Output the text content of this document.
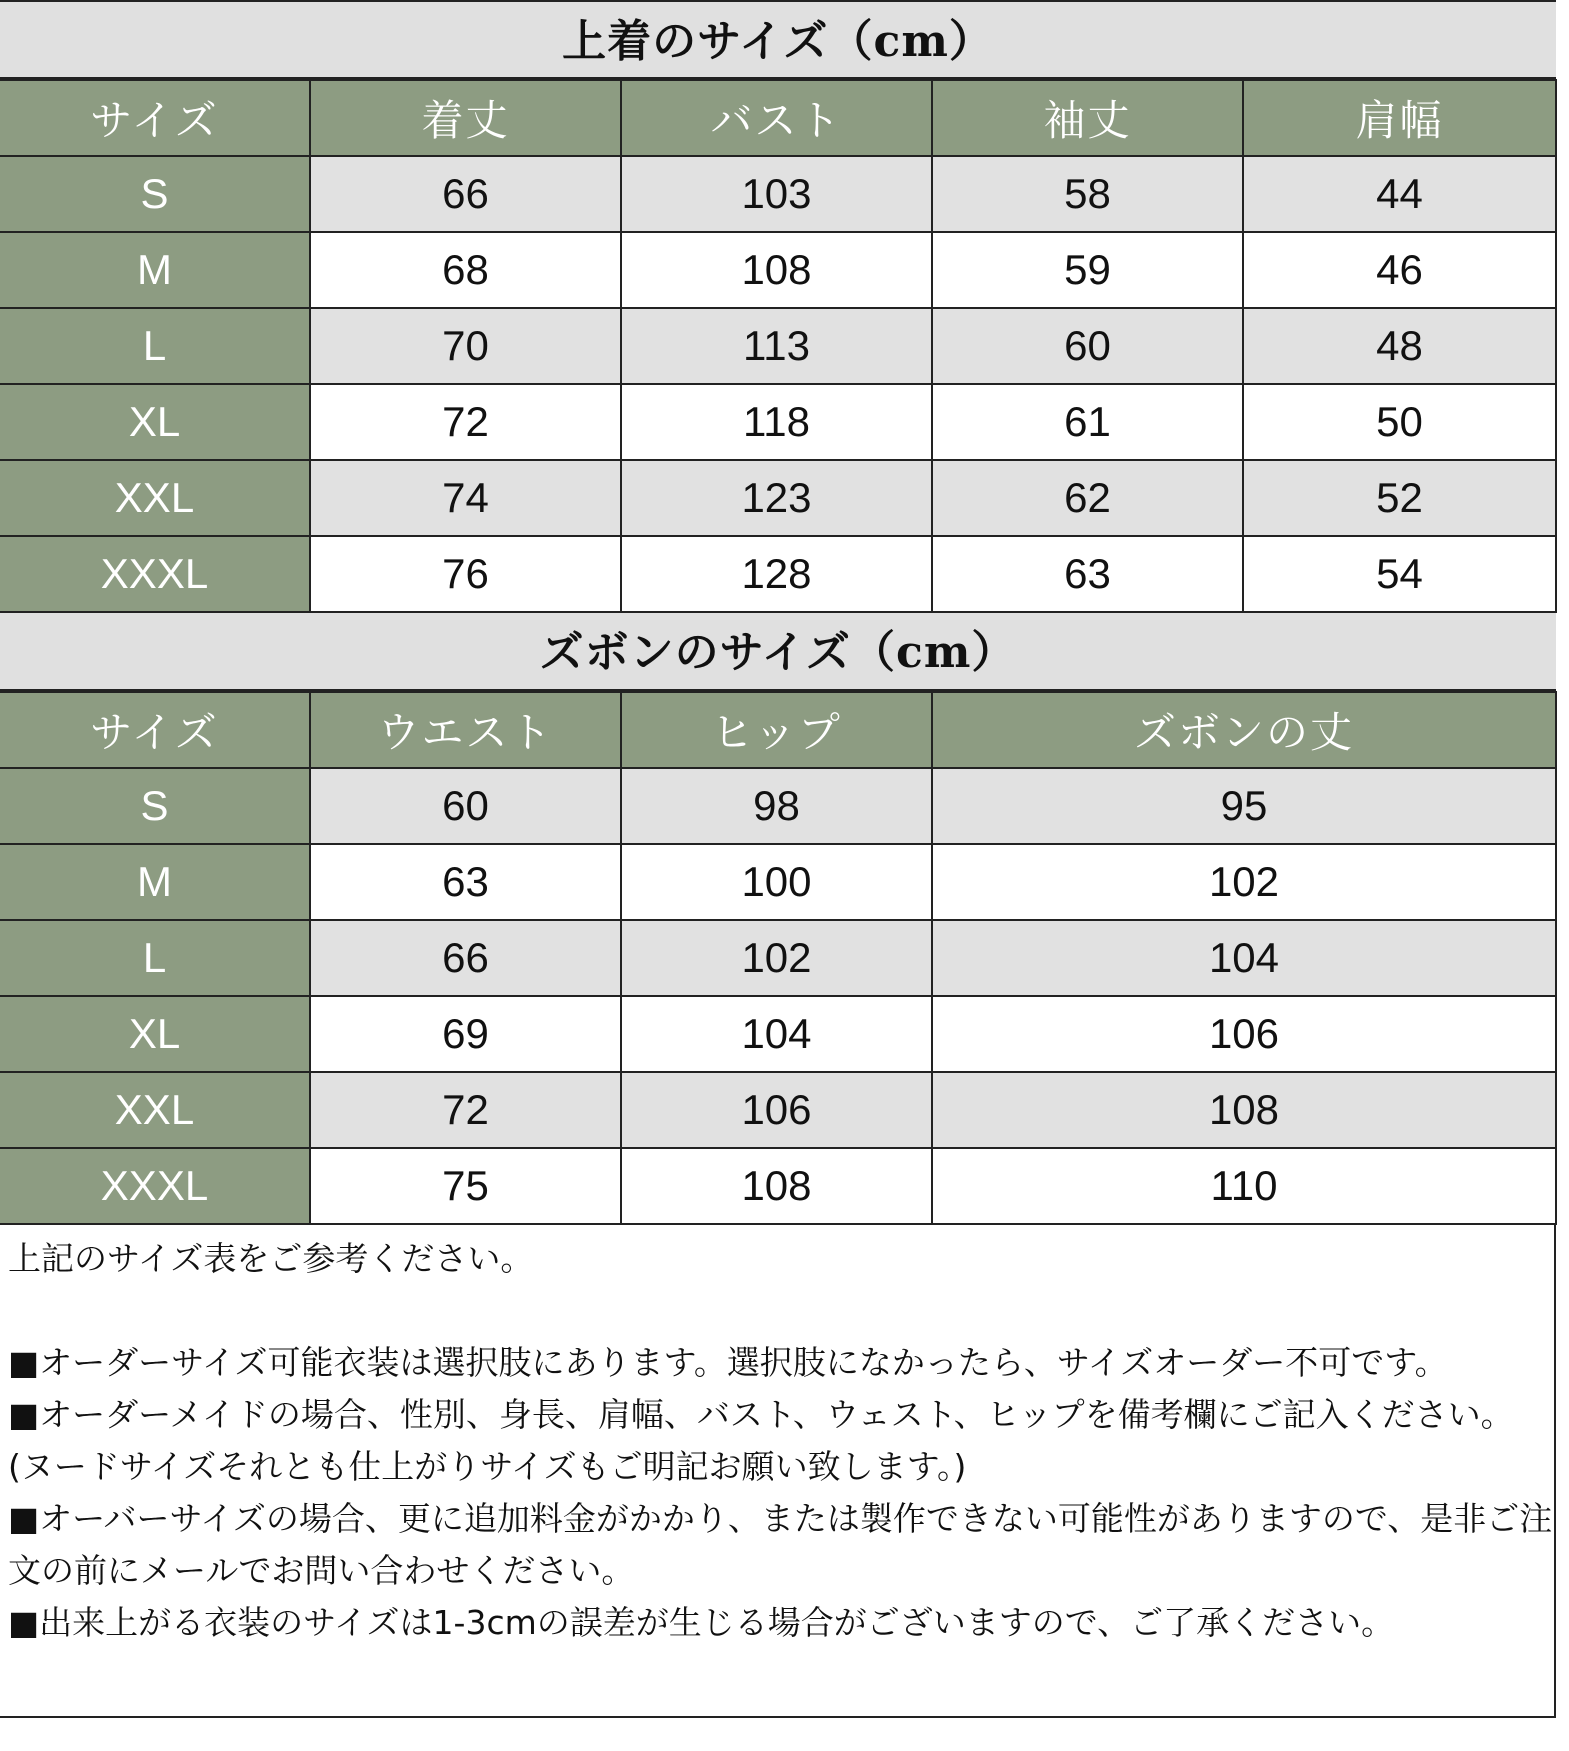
上着のサイズ（cm）
サイズ	着丈	バスト	袖丈	肩幅
S	66	103	58	44
M	68	108	59	46
L	70	113	60	48
XL	72	118	61	50
XXL	74	123	62	52
XXXL	76	128	63	54
ズボンのサイズ（cm）
サイズ	ウエスト	ヒップ	ズボンの丈
S	60	98	95
M	63	100	102
L	66	102	104
XL	69	104	106
XXL	72	106	108
XXXL	75	108	110

上記のサイズ表をご参考ください。

■オーダーサイズ可能衣装は選択肢にあります。選択肢になかったら、サイズオーダー不可です。

■オーダーメイドの場合、性別、身長、肩幅、バスト、ウェスト、ヒップを備考欄にご記入ください。(ヌードサイズそれとも仕上がりサイズもご明記お願い致します。)

■オーバーサイズの場合、更に追加料金がかかり、または製作できない可能性がありますので、是非ご注文の前にメールでお問い合わせください。

■出来上がる衣装のサイズは1-3cmの誤差が生じる場合がございますので、ご了承ください。
